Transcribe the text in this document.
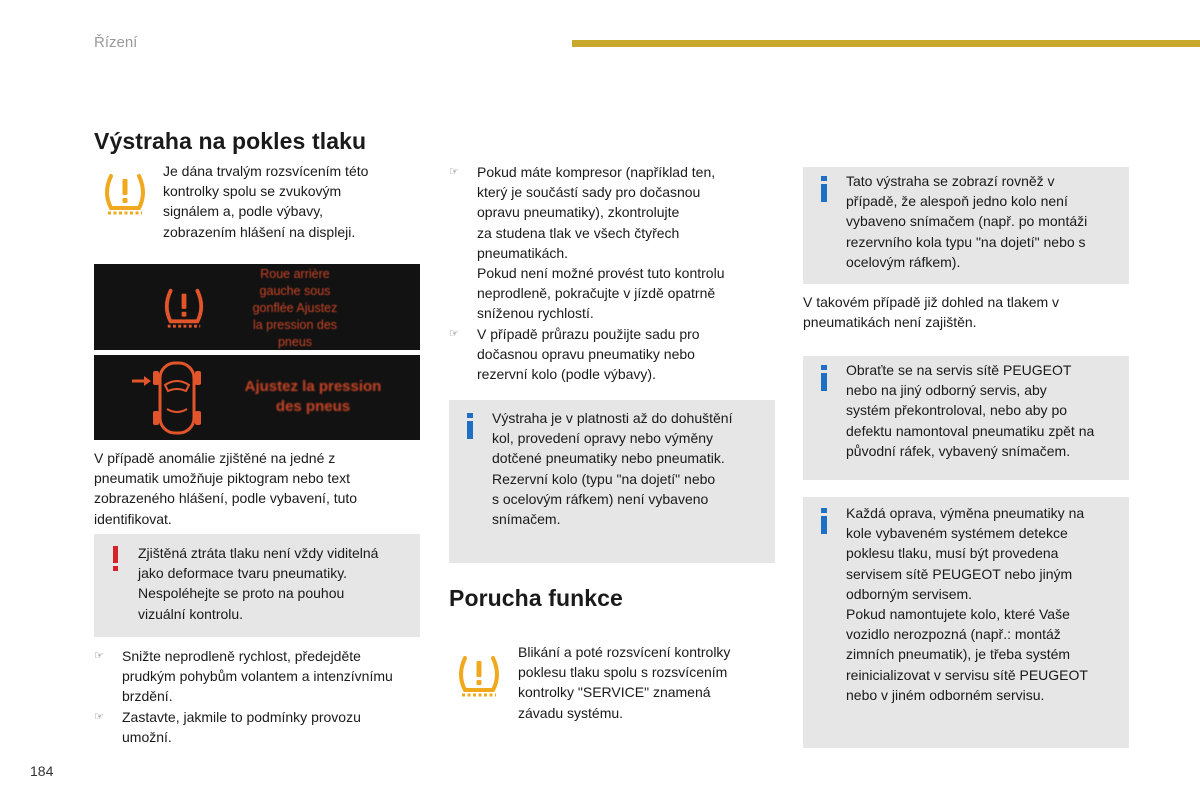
Řízení
Výstraha na pokles tlaku

Je dána trvalým rozsvícením této

kontrolky spolu se zvukovým

signálem a, podle výbavy,

zobrazením hlášení na displeji.

Roue arrière
gauche sous
gonflée Ajustez
la pression des
pneus
Ajustez la pression
des pneus

V případě anomálie zjištěné na jedné z

pneumatik umožňuje piktogram nebo text

zobrazeného hlášení, podle vybavení, tuto

identifikovat.

Zjištěná ztráta tlaku není vždy viditelná

jako deformace tvaru pneumatiky.

Nespoléhejte se proto na pouhou

vizuální kontrolu.

☞ Snižte neprodleně rychlost, předejděte
prudkým pohybům volantem a intenzívnímu
brzdění.
☞ Zastavte, jakmile to podmínky provozu
umožní.
☞ Pokud máte kompresor (například ten,
který je součástí sady pro dočasnou
opravu pneumatiky), zkontrolujte
za studena tlak ve všech čtyřech
pneumatikách.
Pokud není možné provést tuto kontrolu
neprodleně, pokračujte v jízdě opatrně
sníženou rychlostí.
☞ V případě průrazu použijte sadu pro
dočasnou opravu pneumatiky nebo
rezervní kolo (podle výbavy).

Výstraha je v platnosti až do dohuštění

kol, provedení opravy nebo výměny

dotčené pneumatiky nebo pneumatik.

Rezervní kolo (typu "na dojetí" nebo

s ocelovým ráfkem) není vybaveno

snímačem.

Porucha funkce

Blikání a poté rozsvícení kontrolky

poklesu tlaku spolu s rozsvícením

kontrolky "SERVICE" znamená

závadu systému.

Tato výstraha se zobrazí rovněž v

případě, že alespoň jedno kolo není

vybaveno snímačem (např. po montáži

rezervního kola typu "na dojetí" nebo s

ocelovým ráfkem).

V takovém případě již dohled na tlakem v

pneumatikách není zajištěn.

Obraťte se na servis sítě PEUGEOT

nebo na jiný odborný servis, aby

systém překontroloval, nebo aby po

defektu namontoval pneumatiku zpět na

původní ráfek, vybavený snímačem.

Každá oprava, výměna pneumatiky na

kole vybaveném systémem detekce

poklesu tlaku, musí být provedena

servisem sítě PEUGEOT nebo jiným

odborným servisem.

Pokud namontujete kolo, které Vaše

vozidlo nerozpozná (např.: montáž

zimních pneumatik), je třeba systém

reinicializovat v servisu sítě PEUGEOT

nebo v jiném odborném servisu.

184
